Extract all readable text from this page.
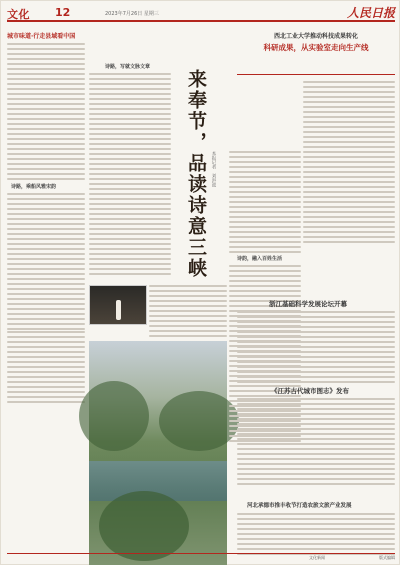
文化 12	2023年7月26日 星期三	人民日报
城市味道·行走县域看中国
诗路，乘船风雅宋韵
诗路，写就文脉文章
来奉节，品读诗意三峡 本报记者　刘洪波
诗韵，融入百姓生活
西北工业大学推动科技成果转化
科研成果，从实验室走向生产线
浙江基础科学发展论坛开幕
《江苏古代城市图志》发布
河北承德市推丰收节打造农旅文旅产业发展
文化新闻	版式编辑
